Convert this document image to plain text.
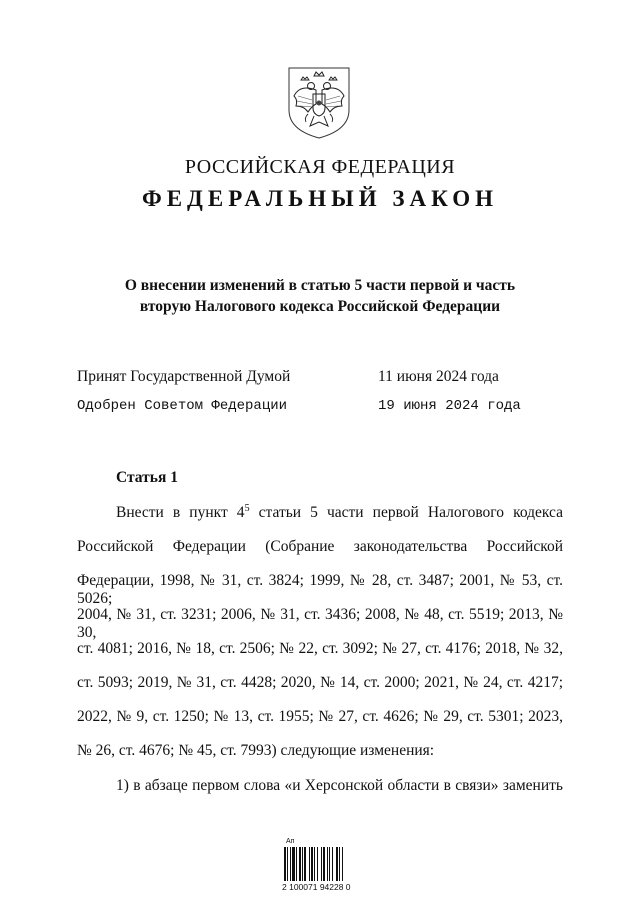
РОССИЙСКАЯ ФЕДЕРАЦИЯ
ФЕДЕРАЛЬНЫЙ ЗАКОН
О внесении изменений в статью 5 части первой и часть
вторую Налогового кодекса Российской Федерации
Принят Государственной Думой	11 июня 2024 года
Одобрен Советом Федерации	19 июня 2024 года
Статья 1
Внести в пункт $4^5$ статьи 5 части первой Налогового кодекса
Российской Федерации (Собрание законодательства Российской
Федерации, 1998, № 31, ст. 3824; 1999, № 28, ст. 3487; 2001, № 53, ст. 5026;
2004, № 31, ст. 3231; 2006, № 31, ст. 3436; 2008, № 48, ст. 5519; 2013, № 30,
ст. 4081; 2016, № 18, ст. 2506; № 22, ст. 3092; № 27, ст. 4176; 2018, № 32,
ст. 5093; 2019, № 31, ст. 4428; 2020, № 14, ст. 2000; 2021, № 24, ст. 4217;
2022, № 9, ст. 1250; № 13, ст. 1955; № 27, ст. 4626; № 29, ст. 5301; 2023,
№ 26, ст. 4676; № 45, ст. 7993) следующие изменения:
1) в абзаце первом слова «и Херсонской области в связи» заменить
Ап
2 100071 94228 0
